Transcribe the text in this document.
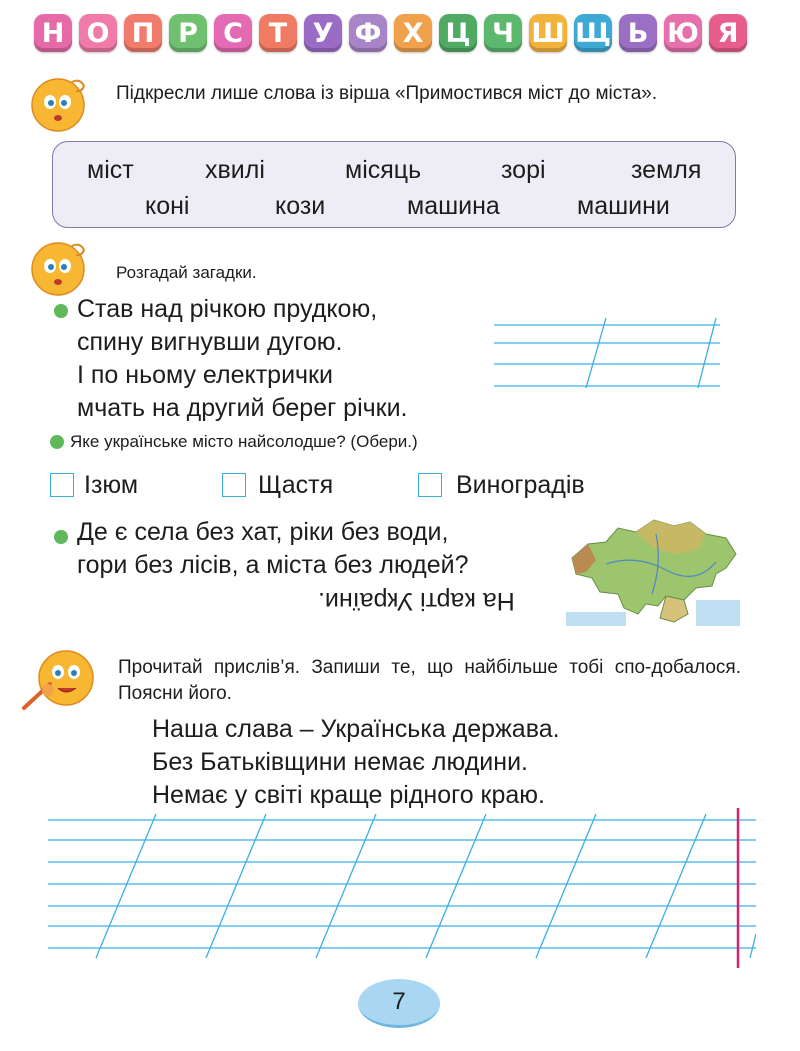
Н О П Р С Т У Ф Х Ц Ч Ш Щ Ь Ю Я
Підкресли лише слова із вірша «Примостився міст до міста».
міст	хвилі	місяць	зорі	земля
коні	кози	машина	машини
Розгадай загадки.
Став над річкою прудкою,
спину вигнувши дугою.
І по ньому електрички
мчать на другий берег річки.
Яке українське місто найсолодше? (Обери.)
Ізюм	Щастя	Виноградів
Де є села без хат, ріки без води,
гори без лісів, а міста без людей?
На карті України.
Прочитай прислів’я. Запиши те, що найбільше тобі спо-добалося. Поясни його.
Наша слава – Українська держава.
Без Батьківщини немає людини.
Немає у світі краще рідного краю.
7
